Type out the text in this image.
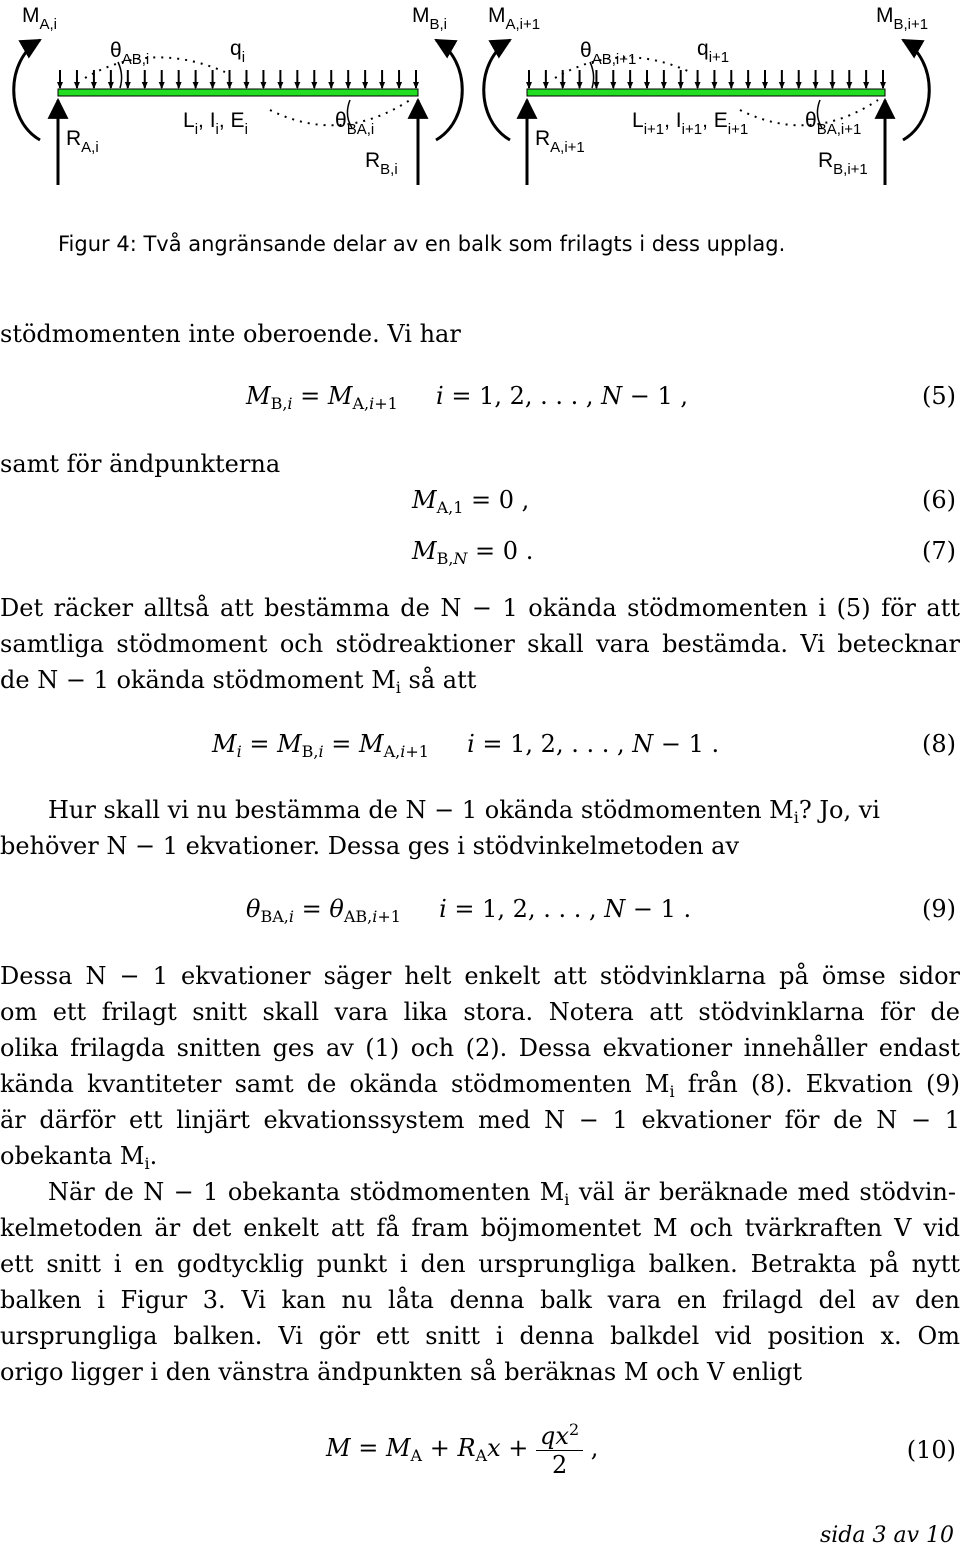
$M_{A,i}$	$M_{B,i}$ $M_{A,i+1}$	$M_{B,i+1}$
$\theta_{AB,i}$	$q_i$	$\theta_{AB,i+1}$	$q_{i+1}$
$R_{A,i}$
$L_i$, $I_i$, $E_i$	$\theta_{BA,i}$
$R_{B,i}$
$R_{A,i+1}$
$L_{i+1}$, $I_{i+1}$, $E_{i+1}$	$\theta_{BA,i+1}$
$R_{B,i+1}$
Figur 4: Två angränsande delar av en balk som frilagts i dess upplag.
stödmomenten inte oberoende. Vi har
$M_{B,i} = M_{A,i+1}$ i = 1, 2, . . . , N − 1 ,	(5)
samt för ändpunkterna
$M_{A,1} = 0$ ,	(6)
$M_{B,N} = 0$ .	(7)
Det räcker alltså att bestämma de N − 1 okända stödmomenten i (5) för att
samtliga stödmoment och stödreaktioner skall vara bestämda. Vi betecknar
de N − 1 okända stödmoment $M_i$ så att
$M_i = M_{B,i} = M_{A,i+1}$ i = 1, 2, . . . , N − 1 .	(8)
Hur skall vi nu bestämma de N − 1 okända stödmomenten $M_i$? Jo, vi
behöver N − 1 ekvationer. Dessa ges i stödvinkelmetoden av
$\theta_{BA,i} = \theta_{AB,i+1}$ i = 1, 2, . . . , N − 1 .	(9)
Dessa N − 1 ekvationer säger helt enkelt att stödvinklarna på ömse sidor
om ett frilagt snitt skall vara lika stora. Notera att stödvinklarna för de
olika frilagda snitten ges av (1) och (2). Dessa ekvationer innehåller endast
kända kvantiteter samt de okända stödmomenten $M_i$ från (8). Ekvation (9)
är därför ett linjärt ekvationssystem med N − 1 ekvationer för de N − 1
obekanta $M_i$.
När de N − 1 obekanta stödmomenten $M_i$ väl är beräknade med stödvin-
kelmetoden är det enkelt att få fram böjmomentet M och tvärkraften V vid
ett snitt i en godtycklig punkt i den ursprungliga balken. Betrakta på nytt
balken i Figur 3. Vi kan nu låta denna balk vara en frilagd del av den
ursprungliga balken. Vi gör ett snitt i denna balkdel vid position x. Om
origo ligger i den vänstra ändpunkten så beräknas M och V enligt
$M = M_A + R_Ax + \frac{qx^2}{2}$ ,	(10)
sida 3 av 10
